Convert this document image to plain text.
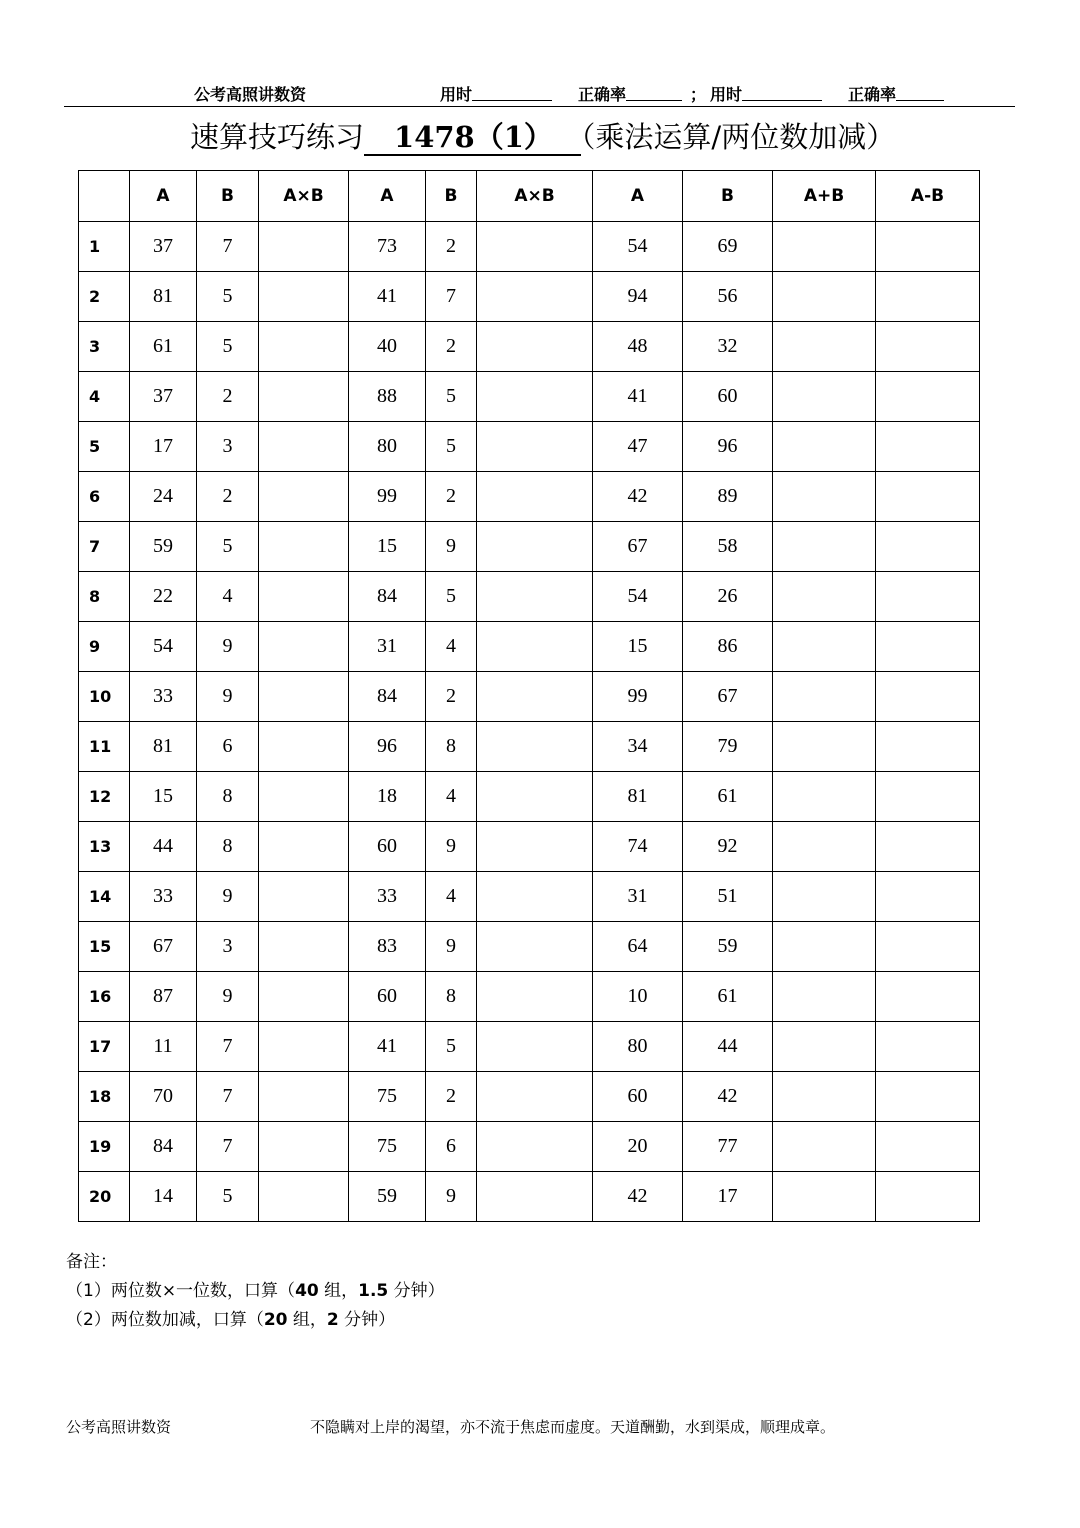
公考高照讲数资	用时	正确率	； 用时	正确率
速算技巧练习 1478（1） （乘法运算/两位数加减）
	A	B	A×B	A	B	A×B	A	B	A+B	A-B
1	37	7		73	2		54	69		
2	81	5		41	7		94	56		
3	61	5		40	2		48	32		
4	37	2		88	5		41	60		
5	17	3		80	5		47	96		
6	24	2		99	2		42	89		
7	59	5		15	9		67	58		
8	22	4		84	5		54	26		
9	54	9		31	4		15	86		
10	33	9		84	2		99	67		
11	81	6		96	8		34	79		
12	15	8		18	4		81	61		
13	44	8		60	9		74	92		
14	33	9		33	4		31	51		
15	67	3		83	9		64	59		
16	87	9		60	8		10	61		
17	11	7		41	5		80	44		
18	70	7		75	2		60	42		
19	84	7		75	6		20	77		
20	14	5		59	9		42	17		
备注：
（1）两位数×一位数，口算（40 组，1.5 分钟）
（2）两位数加减，口算（20 组，2 分钟）
公考高照讲数资	不隐瞒对上岸的渴望，亦不流于焦虑而虚度。天道酬勤，水到渠成，顺理成章。
